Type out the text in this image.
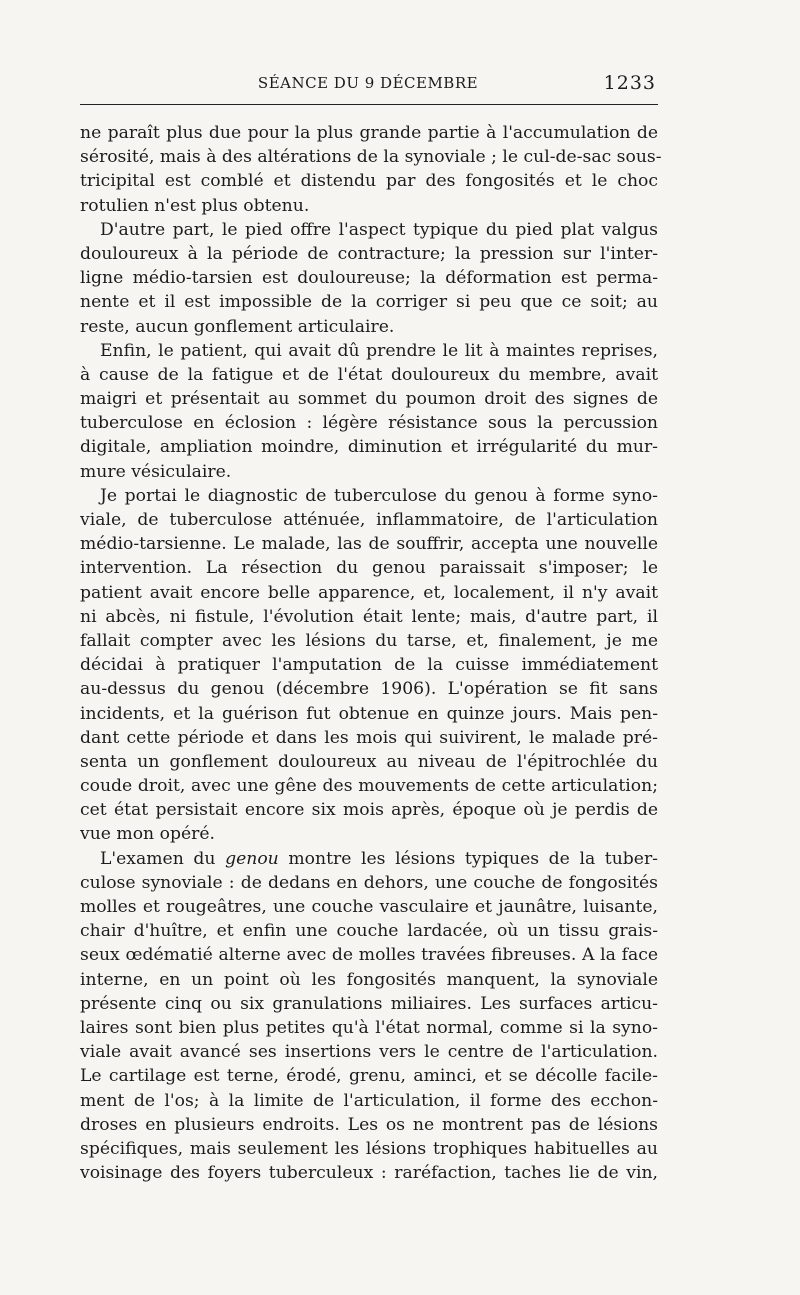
SÉANCE DU 9 DÉCEMBRE	1233
ne paraît plus due pour la plus grande partie à l'accumulation de
sérosité, mais à des altérations de la synoviale ; le cul-de-sac sous-
tricipital est comblé et distendu par des fongosités et le choc
rotulien n'est plus obtenu.
D'autre part, le pied offre l'aspect typique du pied plat valgus
douloureux à la période de contracture; la pression sur l'inter-
ligne médio-tarsien est douloureuse; la déformation est perma-
nente et il est impossible de la corriger si peu que ce soit; au
reste, aucun gonflement articulaire.
Enfin, le patient, qui avait dû prendre le lit à maintes reprises,
à cause de la fatigue et de l'état douloureux du membre, avait
maigri et présentait au sommet du poumon droit des signes de
tuberculose en éclosion : légère résistance sous la percussion
digitale, ampliation moindre, diminution et irrégularité du mur-
mure vésiculaire.
Je portai le diagnostic de tuberculose du genou à forme syno-
viale, de tuberculose atténuée, inflammatoire, de l'articulation
médio-tarsienne. Le malade, las de souffrir, accepta une nouvelle
intervention. La résection du genou paraissait s'imposer; le
patient avait encore belle apparence, et, localement, il n'y avait
ni abcès, ni fistule, l'évolution était lente; mais, d'autre part, il
fallait compter avec les lésions du tarse, et, finalement, je me
décidai à pratiquer l'amputation de la cuisse immédiatement
au-dessus du genou (décembre 1906). L'opération se fit sans
incidents, et la guérison fut obtenue en quinze jours. Mais pen-
dant cette période et dans les mois qui suivirent, le malade pré-
senta un gonflement douloureux au niveau de l'épitrochlée du
coude droit, avec une gêne des mouvements de cette articulation;
cet état persistait encore six mois après, époque où je perdis de
vue mon opéré.
L'examen du genou montre les lésions typiques de la tuber-
culose synoviale : de dedans en dehors, une couche de fongosités
molles et rougeâtres, une couche vasculaire et jaunâtre, luisante,
chair d'huître, et enfin une couche lardacée, où un tissu grais-
seux œdématié alterne avec de molles travées fibreuses. A la face
interne, en un point où les fongosités manquent, la synoviale
présente cinq ou six granulations miliaires. Les surfaces articu-
laires sont bien plus petites qu'à l'état normal, comme si la syno-
viale avait avancé ses insertions vers le centre de l'articulation.
Le cartilage est terne, érodé, grenu, aminci, et se décolle facile-
ment de l'os; à la limite de l'articulation, il forme des ecchon-
droses en plusieurs endroits. Les os ne montrent pas de lésions
spécifiques, mais seulement les lésions trophiques habituelles au
voisinage des foyers tuberculeux : raréfaction, taches lie de vin,
